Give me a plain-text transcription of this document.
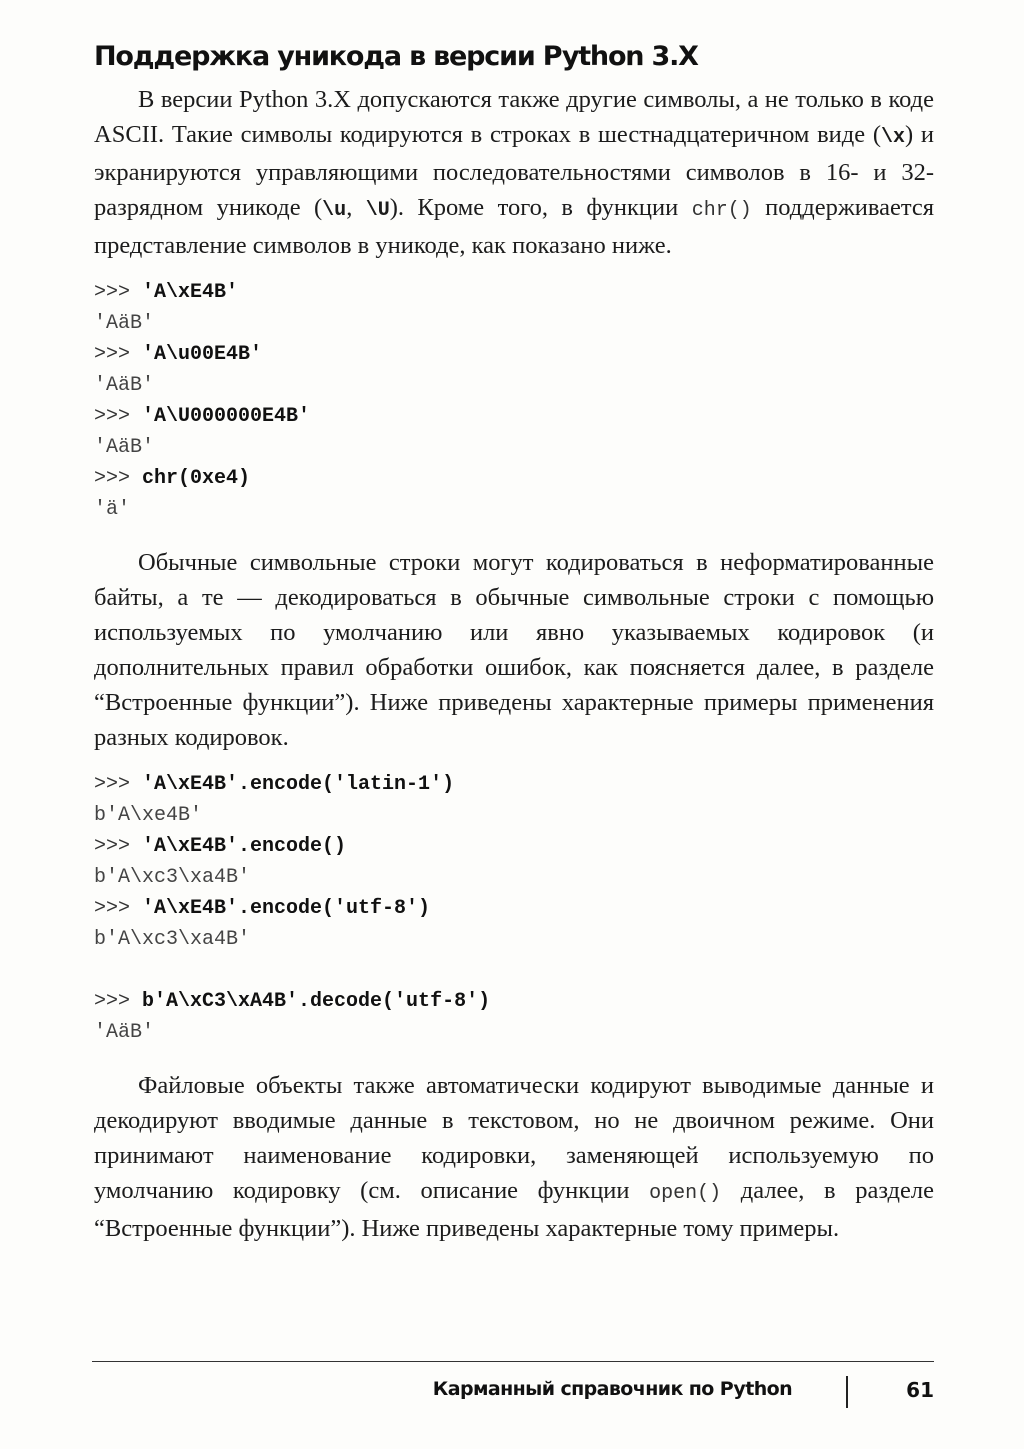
Поддержка уникода в версии Python 3.X

В версии Python 3.X допускаются также другие символы, а не только в коде ASCII. Такие символы кодируются в строках в шестнадцатеричном виде (\x) и экранируются управляющими последовательностями символов в 16- и 32-разрядном уникоде (\u, \U). Кроме того, в функции chr() поддерживается представление символов в уникоде, как показано ниже.

>>> 'A\xE4B'
'AäB'
>>> 'A\u00E4B'
'AäB'
>>> 'A\U000000E4B'
'AäB'
>>> chr(0xe4)
'ä'

Обычные символьные строки могут кодироваться в неформатированные байты, а те — декодироваться в обычные символьные строки с помощью используемых по умолчанию или явно указываемых кодировок (и дополнительных правил обработки ошибок, как поясняется далее, в разделе “Встроенные функции”). Ниже приведены характерные примеры применения разных кодировок.

>>> 'A\xE4B'.encode('latin-1')
b'A\xe4B'
>>> 'A\xE4B'.encode()
b'A\xc3\xa4B'
>>> 'A\xE4B'.encode('utf-8')
b'A\xc3\xa4B'
>>> b'A\xC3\xA4B'.decode('utf-8')
'AäB'

Файловые объекты также автоматически кодируют выводимые данные и декодируют вводимые данные в текстовом, но не двоичном режиме. Они принимают наименование кодировки, заменяющей используемую по умолчанию кодировку (см. описание функции open() далее, в разделе “Встроенные функции”). Ниже приведены характерные тому примеры.

Карманный справочник по Python	61
